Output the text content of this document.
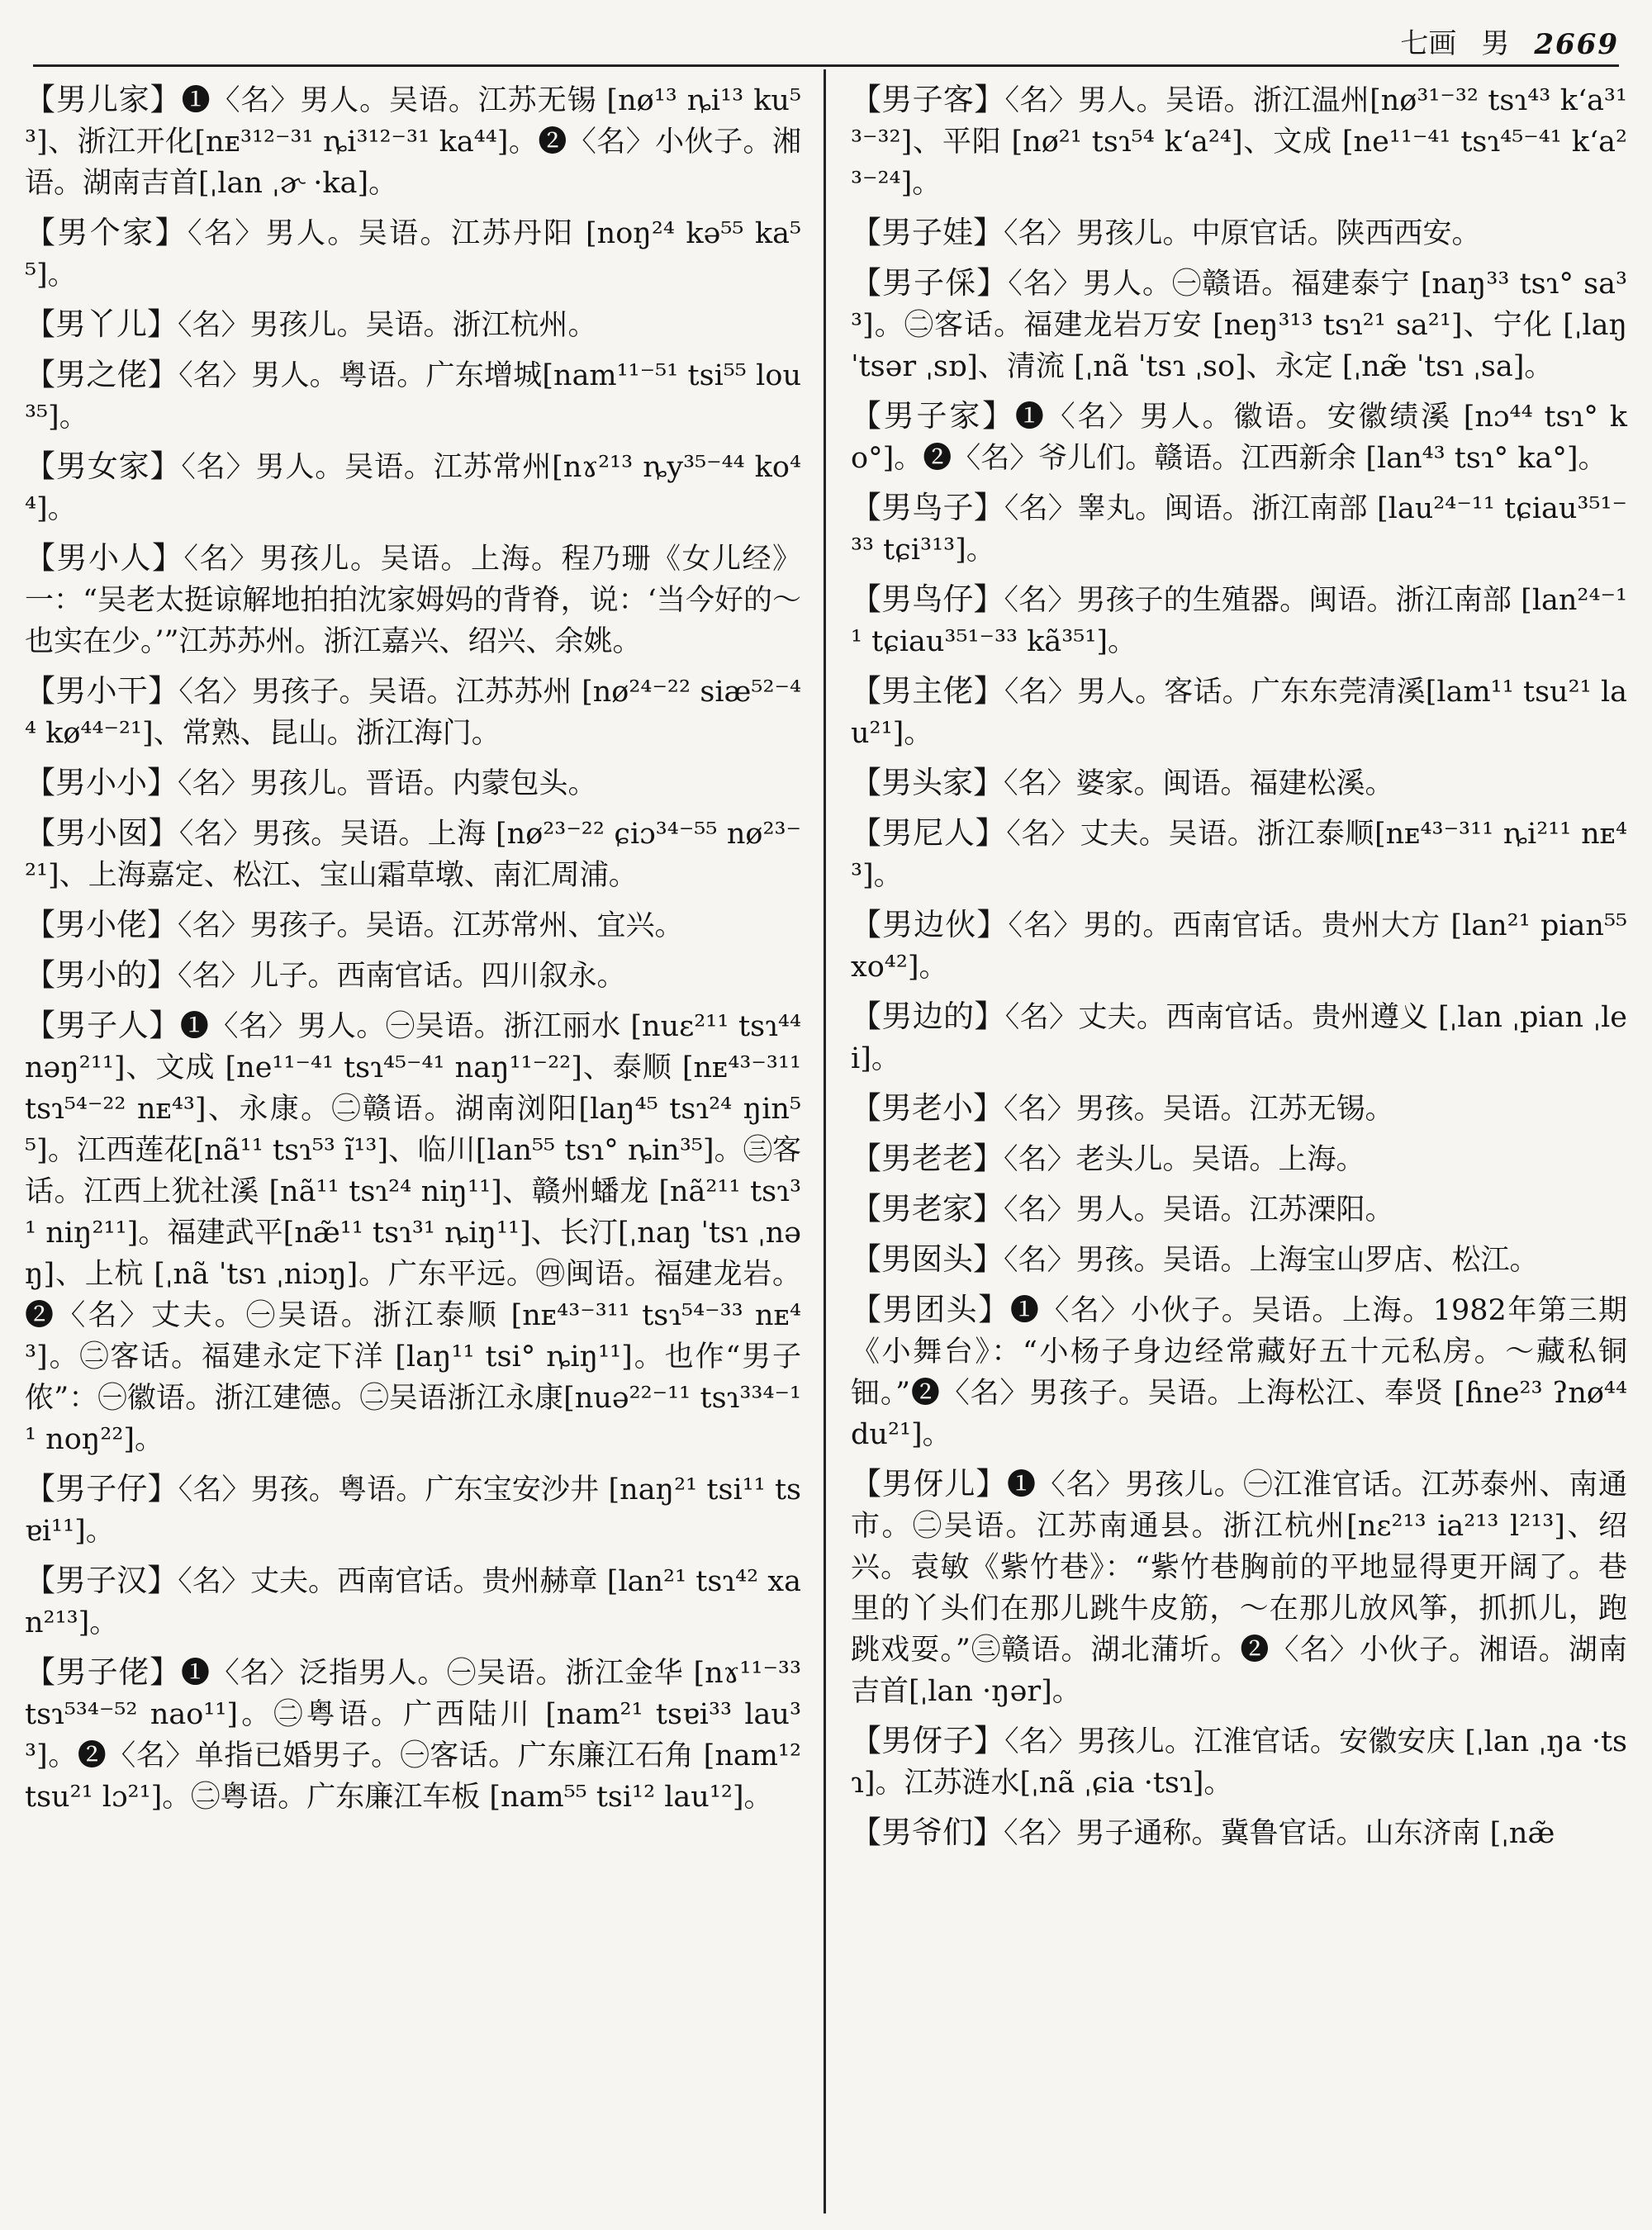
七画 男 2669

【男儿家】❶〈名〉男人。吴语。江苏无锡 [nø¹³ ȵi¹³ ku⁵³]、浙江开化[nᴇ³¹²⁻³¹ ȵi³¹²⁻³¹ ka⁴⁴]。❷〈名〉小伙子。湘语。湖南吉首[ˌlan ˌɚ ·ka]。

【男个家】〈名〉男人。吴语。江苏丹阳 [noŋ²⁴ kə⁵⁵ ka⁵⁵]。

【男丫儿】〈名〉男孩儿。吴语。浙江杭州。

【男之佬】〈名〉男人。粤语。广东增城[nam¹¹⁻⁵¹ tsi⁵⁵ lou³⁵]。

【男女家】〈名〉男人。吴语。江苏常州[nɤ²¹³ ȵy³⁵⁻⁴⁴ ko⁴⁴]。

【男小人】〈名〉男孩儿。吴语。上海。程乃珊《女儿经》一：“吴老太挺谅解地拍拍沈家姆妈的背脊，说：‘当今好的～也实在少。’”江苏苏州。浙江嘉兴、绍兴、余姚。

【男小干】〈名〉男孩子。吴语。江苏苏州 [nø²⁴⁻²² siæ⁵²⁻⁴⁴ kø⁴⁴⁻²¹]、常熟、昆山。浙江海门。

【男小小】〈名〉男孩儿。晋语。内蒙包头。

【男小囡】〈名〉男孩。吴语。上海 [nø²³⁻²² ɕiɔ³⁴⁻⁵⁵ nø²³⁻²¹]、上海嘉定、松江、宝山霜草墩、南汇周浦。

【男小佬】〈名〉男孩子。吴语。江苏常州、宜兴。

【男小的】〈名〉儿子。西南官话。四川叙永。

【男子人】❶〈名〉男人。㊀吴语。浙江丽水 [nuɛ²¹¹ tsɿ⁴⁴ nəŋ²¹¹]、文成 [ne¹¹⁻⁴¹ tsɿ⁴⁵⁻⁴¹ naŋ¹¹⁻²²]、泰顺 [nᴇ⁴³⁻³¹¹ tsɿ⁵⁴⁻²² nᴇ⁴³]、永康。㊁赣语。湖南浏阳[laŋ⁴⁵ tsɿ²⁴ ŋin⁵⁵]。江西莲花[nã¹¹ tsɿ⁵³ ĩ¹³]、临川[lan⁵⁵ tsɿ° ȵin³⁵]。㊂客话。江西上犹社溪 [nã¹¹ tsɿ²⁴ niŋ¹¹]、赣州蟠龙 [nã²¹¹ tsɿ³¹ niŋ²¹¹]。福建武平[næ̃¹¹ tsɿ³¹ ȵiŋ¹¹]、长汀[ˌnaŋ ˈtsɿ ˌnəŋ]、上杭 [ˌnã ˈtsɿ ˌniɔŋ]。广东平远。㊃闽语。福建龙岩。❷〈名〉丈夫。㊀吴语。浙江泰顺 [nᴇ⁴³⁻³¹¹ tsɿ⁵⁴⁻³³ nᴇ⁴³]。㊁客话。福建永定下洋 [laŋ¹¹ tsi° ȵiŋ¹¹]。也作“男子侬”：㊀徽语。浙江建德。㊁吴语浙江永康[nuə²²⁻¹¹ tsɿ³³⁴⁻¹¹ noŋ²²]。

【男子仔】〈名〉男孩。粤语。广东宝安沙井 [naŋ²¹ tsi¹¹ tsɐi¹¹]。

【男子汉】〈名〉丈夫。西南官话。贵州赫章 [lan²¹ tsɿ⁴² xan²¹³]。

【男子佬】❶〈名〉泛指男人。㊀吴语。浙江金华 [nɤ¹¹⁻³³ tsɿ⁵³⁴⁻⁵² nao¹¹]。㊁粤语。广西陆川 [nam²¹ tsɐi³³ lau³³]。❷〈名〉单指已婚男子。㊀客话。广东廉江石角 [nam¹² tsu²¹ lɔ²¹]。㊁粤语。广东廉江车板 [nam⁵⁵ tsi¹² lau¹²]。

【男子客】〈名〉男人。吴语。浙江温州[nø³¹⁻³² tsɿ⁴³ kʻa³¹³⁻³²]、平阳 [nø²¹ tsɿ⁵⁴ kʻa²⁴]、文成 [ne¹¹⁻⁴¹ tsɿ⁴⁵⁻⁴¹ kʻa²³⁻²⁴]。

【男子娃】〈名〉男孩儿。中原官话。陕西西安。

【男子倸】〈名〉男人。㊀赣语。福建泰宁 [naŋ³³ tsɿ° sa³³]。㊁客话。福建龙岩万安 [neŋ³¹³ tsɿ²¹ sa²¹]、宁化 [ˌlaŋ ˈtsər ˌsɒ]、清流 [ˌnã ˈtsɿ ˌso]、永定 [ˌnæ̃ ˈtsɿ ˌsa]。

【男子家】❶〈名〉男人。徽语。安徽绩溪 [nɔ⁴⁴ tsɿ° ko°]。❷〈名〉爷儿们。赣语。江西新余 [lan⁴³ tsɿ° ka°]。

【男鸟子】〈名〉睾丸。闽语。浙江南部 [lau²⁴⁻¹¹ tɕiau³⁵¹⁻³³ tɕi³¹³]。

【男鸟仔】〈名〉男孩子的生殖器。闽语。浙江南部 [lan²⁴⁻¹¹ tɕiau³⁵¹⁻³³ kã³⁵¹]。

【男主佬】〈名〉男人。客话。广东东莞清溪[lam¹¹ tsu²¹ lau²¹]。

【男头家】〈名〉婆家。闽语。福建松溪。

【男尼人】〈名〉丈夫。吴语。浙江泰顺[nᴇ⁴³⁻³¹¹ ȵi²¹¹ nᴇ⁴³]。

【男边伙】〈名〉男的。西南官话。贵州大方 [lan²¹ pian⁵⁵ xo⁴²]。

【男边的】〈名〉丈夫。西南官话。贵州遵义 [ˌlan ˌpian ˌlei]。

【男老小】〈名〉男孩。吴语。江苏无锡。

【男老老】〈名〉老头儿。吴语。上海。

【男老家】〈名〉男人。吴语。江苏溧阳。

【男囡头】〈名〉男孩。吴语。上海宝山罗店、松江。

【男团头】❶〈名〉小伙子。吴语。上海。1982年第三期《小舞台》：“小杨子身边经常藏好五十元私房。～藏私铜钿。”❷〈名〉男孩子。吴语。上海松江、奉贤 [ɦne²³ ʔnø⁴⁴ du²¹]。

【男伢儿】❶〈名〉男孩儿。㊀江淮官话。江苏泰州、南通市。㊁吴语。江苏南通县。浙江杭州[nɛ²¹³ ia²¹³ l²¹³]、绍兴。袁敏《紫竹巷》：“紫竹巷胸前的平地显得更开阔了。巷里的丫头们在那儿跳牛皮筋，～在那儿放风筝，抓抓儿，跑跳戏耍。”㊂赣语。湖北蒲圻。❷〈名〉小伙子。湘语。湖南吉首[ˌlan ·ŋər]。

【男伢子】〈名〉男孩儿。江淮官话。安徽安庆 [ˌlan ˌŋa ·tsɿ]。江苏涟水[ˌnã ˌɕia ·tsɿ]。

【男爷们】〈名〉男子通称。冀鲁官话。山东济南 [ˌnæ̃
